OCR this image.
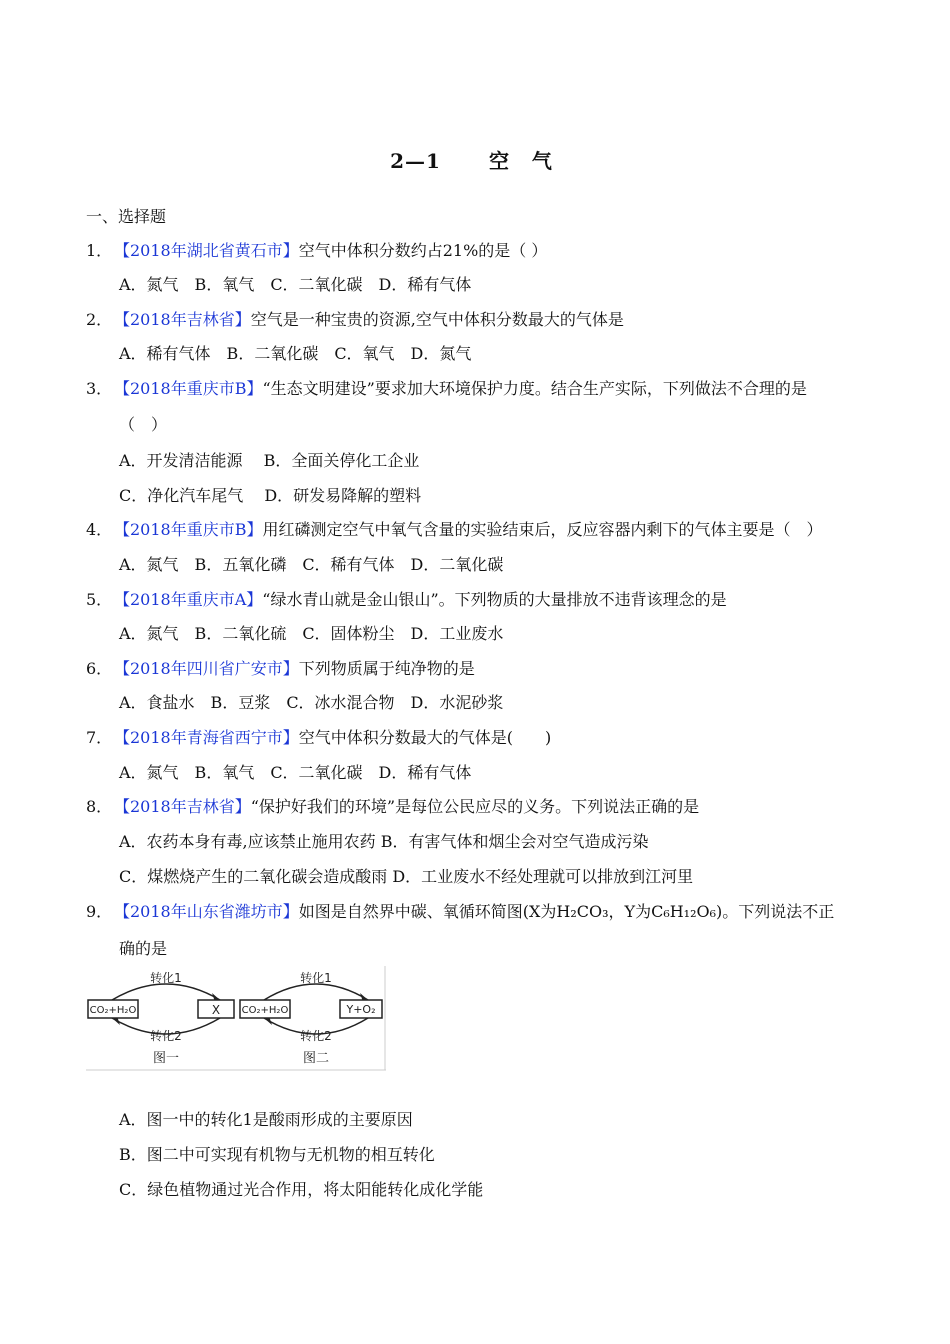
2—1 空 气
一、选择题
1． 【2018年湖北省黄石市】空气中体积分数约占21%的是（ ）
A．氮气　B．氧气　C．二氧化碳　D．稀有气体
2． 【2018年吉林省】空气是一种宝贵的资源,空气中体积分数最大的气体是
A．稀有气体　B．二氧化碳　C．氧气　D．氮气
3． 【2018年重庆市B】“生态文明建设”要求加大环境保护力度。结合生产实际，下列做法不合理的是
（　）
A．开发清洁能源　 B．全面关停化工企业
C．净化汽车尾气　 D．研发易降解的塑料
4． 【2018年重庆市B】用红磷测定空气中氧气含量的实验结束后，反应容器内剩下的气体主要是（　）
A．氮气　B．五氧化磷　C．稀有气体　D．二氧化碳
5． 【2018年重庆市A】“绿水青山就是金山银山”。下列物质的大量排放不违背该理念的是
A．氮气　B．二氧化硫　C．固体粉尘　D．工业废水
6． 【2018年四川省广安市】下列物质属于纯净物的是
A．食盐水　B．豆浆　C．冰水混合物　D．水泥砂浆
7． 【2018年青海省西宁市】空气中体积分数最大的气体是(　　)
A．氮气　B．氧气　C．二氧化碳　D．稀有气体
8． 【2018年吉林省】“保护好我们的环境”是每位公民应尽的义务。下列说法正确的是
A．农药本身有毒,应该禁止施用农药 B．有害气体和烟尘会对空气造成污染
C．煤燃烧产生的二氧化碳会造成酸雨 D．工业废水不经处理就可以排放到江河里
9． 【2018年山东省潍坊市】如图是自然界中碳、氧循环简图(X为H₂CO₃，Y为C₆H₁₂O₆)。下列说法不正
确的是
CO₂+H₂O	X
转化1
转化2
图一
CO₂+H₂O	Y+O₂
转化1
转化2
图二
A．图一中的转化1是酸雨形成的主要原因
B．图二中可实现有机物与无机物的相互转化
C．绿色植物通过光合作用，将太阳能转化成化学能
